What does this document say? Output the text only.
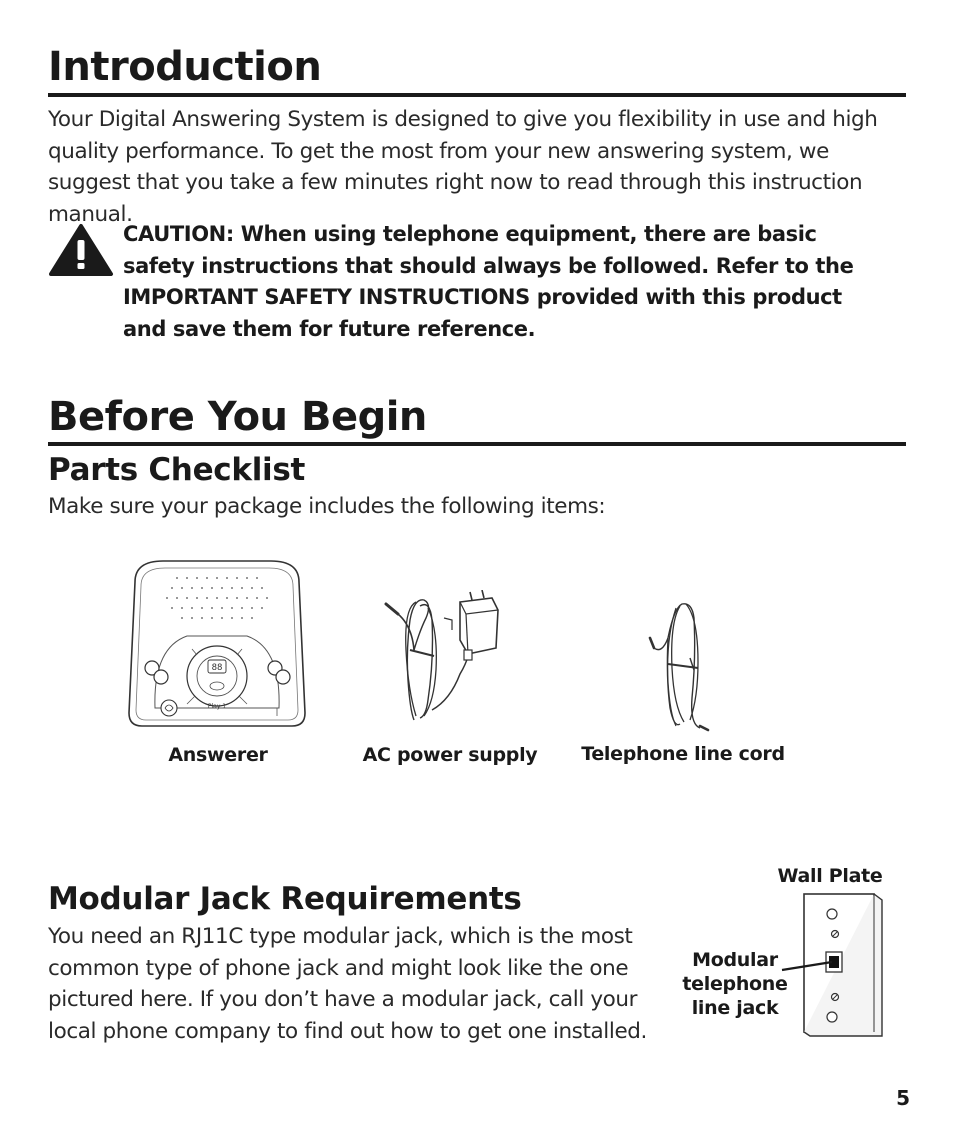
Introduction

Your Digital Answering System is designed to give you flexibility in use and high quality performance. To get the most from your new answering system, we suggest that you take a few minutes right now to read through this instruction manual.

CAUTION: When using telephone equipment, there are basic safety instructions that should always be followed. Refer to the IMPORTANT SAFETY INSTRUCTIONS provided with this product and save them for future reference.

Before You Begin
Parts Checklist

Make sure your package includes the following items:

88
Play 1
Answerer	AC power supply	Telephone line cord
Modular Jack Requirements

You need an RJ11C type modular jack, which is the most common type of phone jack and might look like the one pictured here. If you don’t have a modular jack, call your local phone company to find out how to get one installed.

Wall Plate
Modular telephone line jack
5
